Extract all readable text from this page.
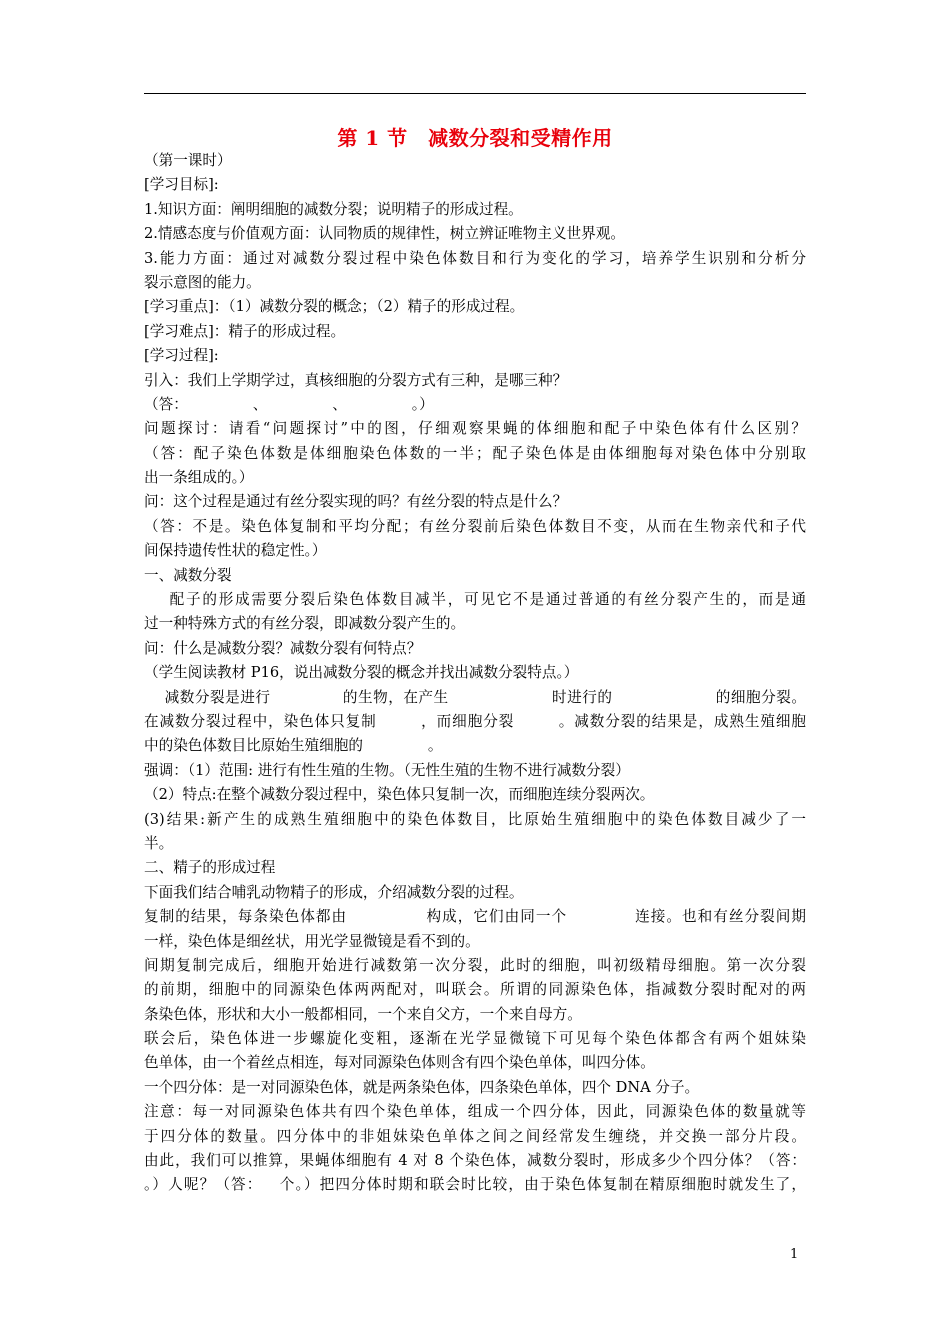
第 1 节　减数分裂和受精作用
（第一课时）
[学习目标]:
1.知识方面：阐明细胞的减数分裂；说明精子的形成过程。
2.情感态度与价值观方面：认同物质的规律性，树立辨证唯物主义世界观。
3.能力方面：通过对减数分裂过程中染色体数目和行为变化的学习，培养学生识别和分析分
裂示意图的能力。
[学习重点]：（1）减数分裂的概念；（2）精子的形成过程。
[学习难点]：精子的形成过程。
[学习过程]:
引入：我们上学期学过，真核细胞的分裂方式有三种，是哪三种？
（答：              、              、              。）
问题探讨：请看“问题探讨”中的图，仔细观察果蝇的体细胞和配子中染色体有什么区别？
（答：配子染色体数是体细胞染色体数的一半；配子染色体是由体细胞每对染色体中分别取
出一条组成的。）
问：这个过程是通过有丝分裂实现的吗？有丝分裂的特点是什么？
（答：不是。染色体复制和平均分配；有丝分裂前后染色体数目不变，从而在生物亲代和子代
间保持遗传性状的稳定性。）
一、减数分裂
配子的形成需要分裂后染色体数目减半，可见它不是通过普通的有丝分裂产生的，而是通
过一种特殊方式的有丝分裂，即减数分裂产生的。
问：什么是减数分裂？减数分裂有何特点？
（学生阅读教材 P16，说出减数分裂的概念并找出减数分裂特点。）
减数分裂是进行              的生物，在产生                    时进行的                    的细胞分裂。
在减数分裂过程中，染色体只复制        ，而细胞分裂        。减数分裂的结果是，成熟生殖细胞
中的染色体数目比原始生殖细胞的              。
强调：（1）范围: 进行有性生殖的生物。（无性生殖的生物不进行减数分裂）
（2）特点:在整个减数分裂过程中，染色体只复制一次，而细胞连续分裂两次。
(3)结果:新产生的成熟生殖细胞中的染色体数目，比原始生殖细胞中的染色体数目减少了一
半。
二、精子的形成过程
下面我们结合哺乳动物精子的形成，介绍减数分裂的过程。
复制的结果，每条染色体都由              构成，它们由同一个            连接。也和有丝分裂间期
一样，染色体是细丝状，用光学显微镜是看不到的。
间期复制完成后，细胞开始进行减数第一次分裂，此时的细胞，叫初级精母细胞。第一次分裂
的前期，细胞中的同源染色体两两配对，叫联会。所谓的同源染色体，指减数分裂时配对的两
条染色体，形状和大小一般都相同，一个来自父方，一个来自母方。
联会后，染色体进一步螺旋化变粗，逐渐在光学显微镜下可见每个染色体都含有两个姐妹染
色单体，由一个着丝点相连，每对同源染色体则含有四个染色单体，叫四分体。
一个四分体：是一对同源染色体，就是两条染色体，四条染色单体，四个 DNA 分子。
注意：每一对同源染色体共有四个染色单体，组成一个四分体，因此，同源染色体的数量就等
于四分体的数量。四分体中的非姐妹染色单体之间之间经常发生缠绕，并交换一部分片段。
由此，我们可以推算，果蝇体细胞有 4 对 8 个染色体，减数分裂时，形成多少个四分体？（答：
。）人呢？（答：   个。）把四分体时期和联会时比较，由于染色体复制在精原细胞时就发生了，
1
